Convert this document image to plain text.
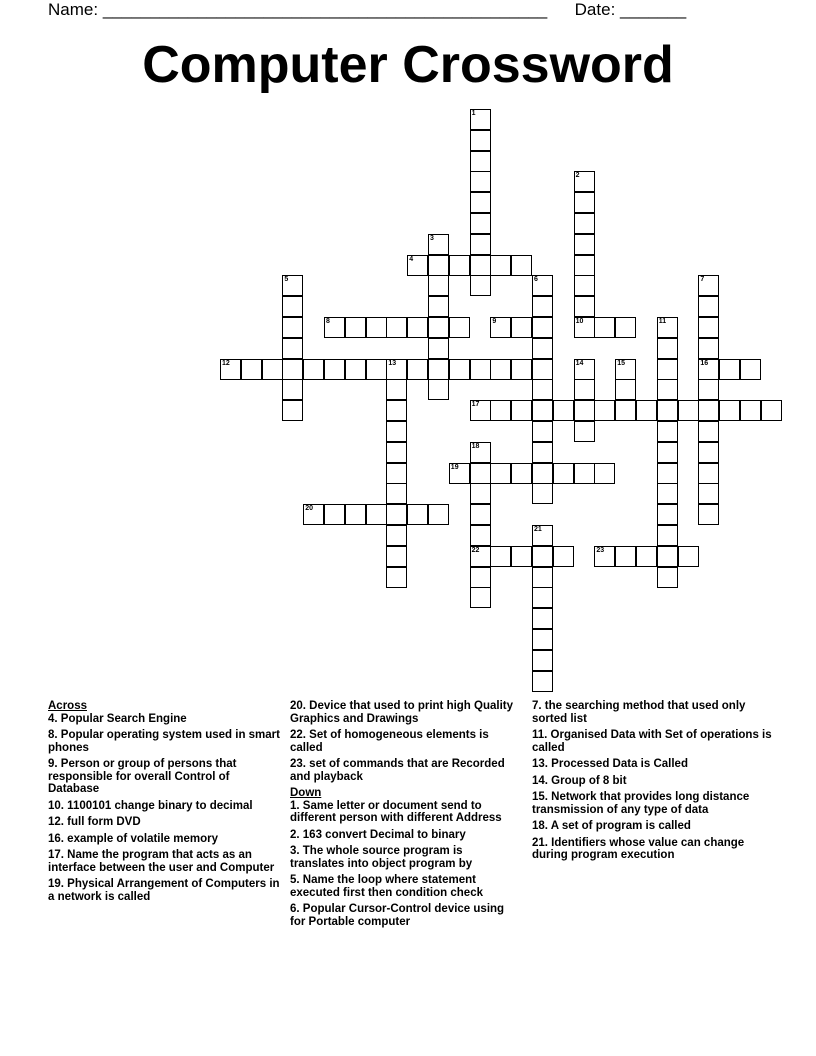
Name: _______________________________________________ Date: _______
Computer Crossword
1
2
3
4
5	6	7
16
8	9	10	11
12	13	14	15
17
18
22
19
20
21
23
Across
4. Popular Search Engine
8. Popular operating system used in smart phones
9. Person or group of persons that responsible for overall Control of Database
10. 1100101 change binary to decimal
12. full form DVD
16. example of volatile memory
17. Name the program that acts as an interface between the user and Computer
19. Physical Arrangement of Computers in a network is called
20. Device that used to print high Quality Graphics and Drawings
22. Set of homogeneous elements is called
23. set of commands that are Recorded and playback
Down
1. Same letter or document send to different person with different Address
2. 163 convert Decimal to binary
3. The whole source program is translates into object program by
5. Name the loop where statement executed first then condition check
6. Popular Cursor-Control device using for Portable computer
7. the searching method that used only sorted list
11. Organised Data with Set of operations is called
13. Processed Data is Called
14. Group of 8 bit
15. Network that provides long distance transmission of any type of data
18. A set of program is called
21. Identifiers whose value can change during program execution
